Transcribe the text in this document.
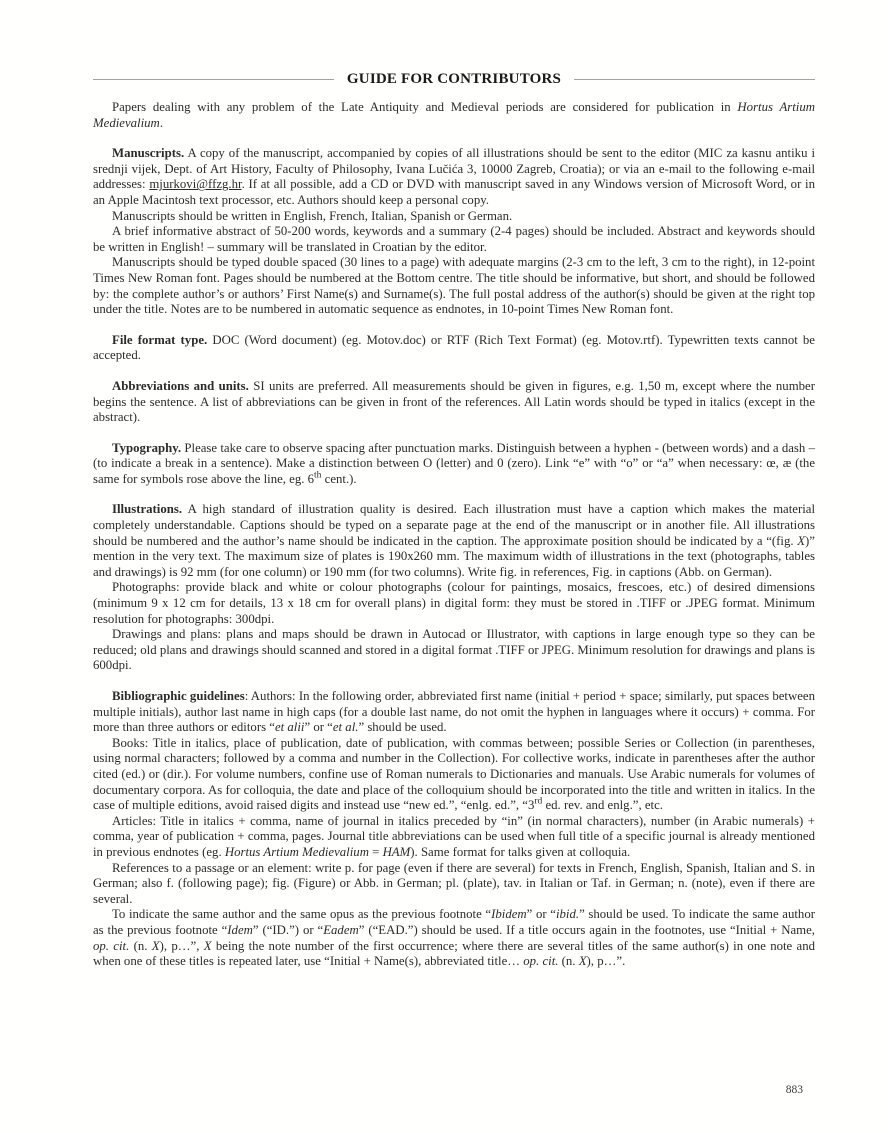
GUIDE FOR CONTRIBUTORS

Papers dealing with any problem of the Late Antiquity and Medieval periods are considered for publication in Hortus Artium Medievalium.

Manuscripts. A copy of the manuscript, accompanied by copies of all illustrations should be sent to the editor (MIC za kasnu antiku i srednji vijek, Dept. of Art History, Faculty of Philosophy, Ivana Lučića 3, 10000 Zagreb, Croatia); or via an e-mail to the following e-mail addresses: mjurkovi@ffzg.hr. If at all possible, add a CD or DVD with manuscript saved in any Windows version of Microsoft Word, or in an Apple Macintosh text processor, etc. Authors should keep a personal copy.

Manuscripts should be written in English, French, Italian, Spanish or German.

A brief informative abstract of 50-200 words, keywords and a summary (2-4 pages) should be included. Abstract and keywords should be written in English! – summary will be translated in Croatian by the editor.

Manuscripts should be typed double spaced (30 lines to a page) with adequate margins (2-3 cm to the left, 3 cm to the right), in 12-point Times New Roman font. Pages should be numbered at the Bottom centre. The title should be informative, but short, and should be followed by: the complete author’s or authors’ First Name(s) and Surname(s). The full postal address of the author(s) should be given at the right top under the title. Notes are to be numbered in automatic sequence as endnotes, in 10-point Times New Roman font.

File format type. DOC (Word document) (eg. Motov.doc) or RTF (Rich Text Format) (eg. Motov.rtf). Typewritten texts cannot be accepted.

Abbreviations and units. SI units are preferred. All measurements should be given in figures, e.g. 1,50 m, except where the number begins the sentence. A list of abbreviations can be given in front of the references. All Latin words should be typed in italics (except in the abstract).

Typography. Please take care to observe spacing after punctuation marks. Distinguish between a hyphen - (between words) and a dash – (to indicate a break in a sentence). Make a distinction between O (letter) and 0 (zero). Link “e” with “o” or “a” when necessary: œ, æ (the same for symbols rose above the line, eg. 6th cent.).

Illustrations. A high standard of illustration quality is desired. Each illustration must have a caption which makes the material completely understandable. Captions should be typed on a separate page at the end of the manuscript or in another file. All illustrations should be numbered and the author’s name should be indicated in the caption. The approximate position should be indicated by a “(fig. X)” mention in the very text. The maximum size of plates is 190x260 mm. The maximum width of illustrations in the text (photographs, tables and drawings) is 92 mm (for one column) or 190 mm (for two columns). Write fig. in references, Fig. in captions (Abb. on German).

Photographs: provide black and white or colour photographs (colour for paintings, mosaics, frescoes, etc.) of desired dimensions (minimum 9 x 12 cm for details, 13 x 18 cm for overall plans) in digital form: they must be stored in .TIFF or .JPEG format. Minimum resolution for photographs: 300dpi.

Drawings and plans: plans and maps should be drawn in Autocad or Illustrator, with captions in large enough type so they can be reduced; old plans and drawings should scanned and stored in a digital format .TIFF or JPEG. Minimum resolution for drawings and plans is 600dpi.

Bibliographic guidelines: Authors: In the following order, abbreviated first name (initial + period + space; similarly, put spaces between multiple initials), author last name in high caps (for a double last name, do not omit the hyphen in languages where it occurs) + comma. For more than three authors or editors “et alii” or “et al.” should be used.

Books: Title in italics, place of publication, date of publication, with commas between; possible Series or Collection (in parentheses, using normal characters; followed by a comma and number in the Collection). For collective works, indicate in parentheses after the author cited (ed.) or (dir.). For volume numbers, confine use of Roman numerals to Dictionaries and manuals. Use Arabic numerals for volumes of documentary corpora. As for colloquia, the date and place of the colloquium should be incorporated into the title and written in italics. In the case of multiple editions, avoid raised digits and instead use “new ed.”, “enlg. ed.”, “3rd ed. rev. and enlg.”, etc.

Articles: Title in italics + comma, name of journal in italics preceded by “in” (in normal characters), number (in Arabic numerals) + comma, year of publication + comma, pages. Journal title abbreviations can be used when full title of a specific journal is already mentioned in previous endnotes (eg. Hortus Artium Medievalium = HAM). Same format for talks given at colloquia.

References to a passage or an element: write p. for page (even if there are several) for texts in French, English, Spanish, Italian and S. in German; also f. (following page); fig. (Figure) or Abb. in German; pl. (plate), tav. in Italian or Taf. in German; n. (note), even if there are several.

To indicate the same author and the same opus as the previous footnote “Ibidem” or “ibid.” should be used. To indicate the same author as the previous footnote “Idem” (“ID.”) or “Eadem” (“EAD.”) should be used. If a title occurs again in the footnotes, use “Initial + Name, op. cit. (n. X), p…”, X being the note number of the first occurrence; where there are several titles of the same author(s) in one note and when one of these titles is repeated later, use “Initial + Name(s), abbreviated title… op. cit. (n. X), p…”.

883
